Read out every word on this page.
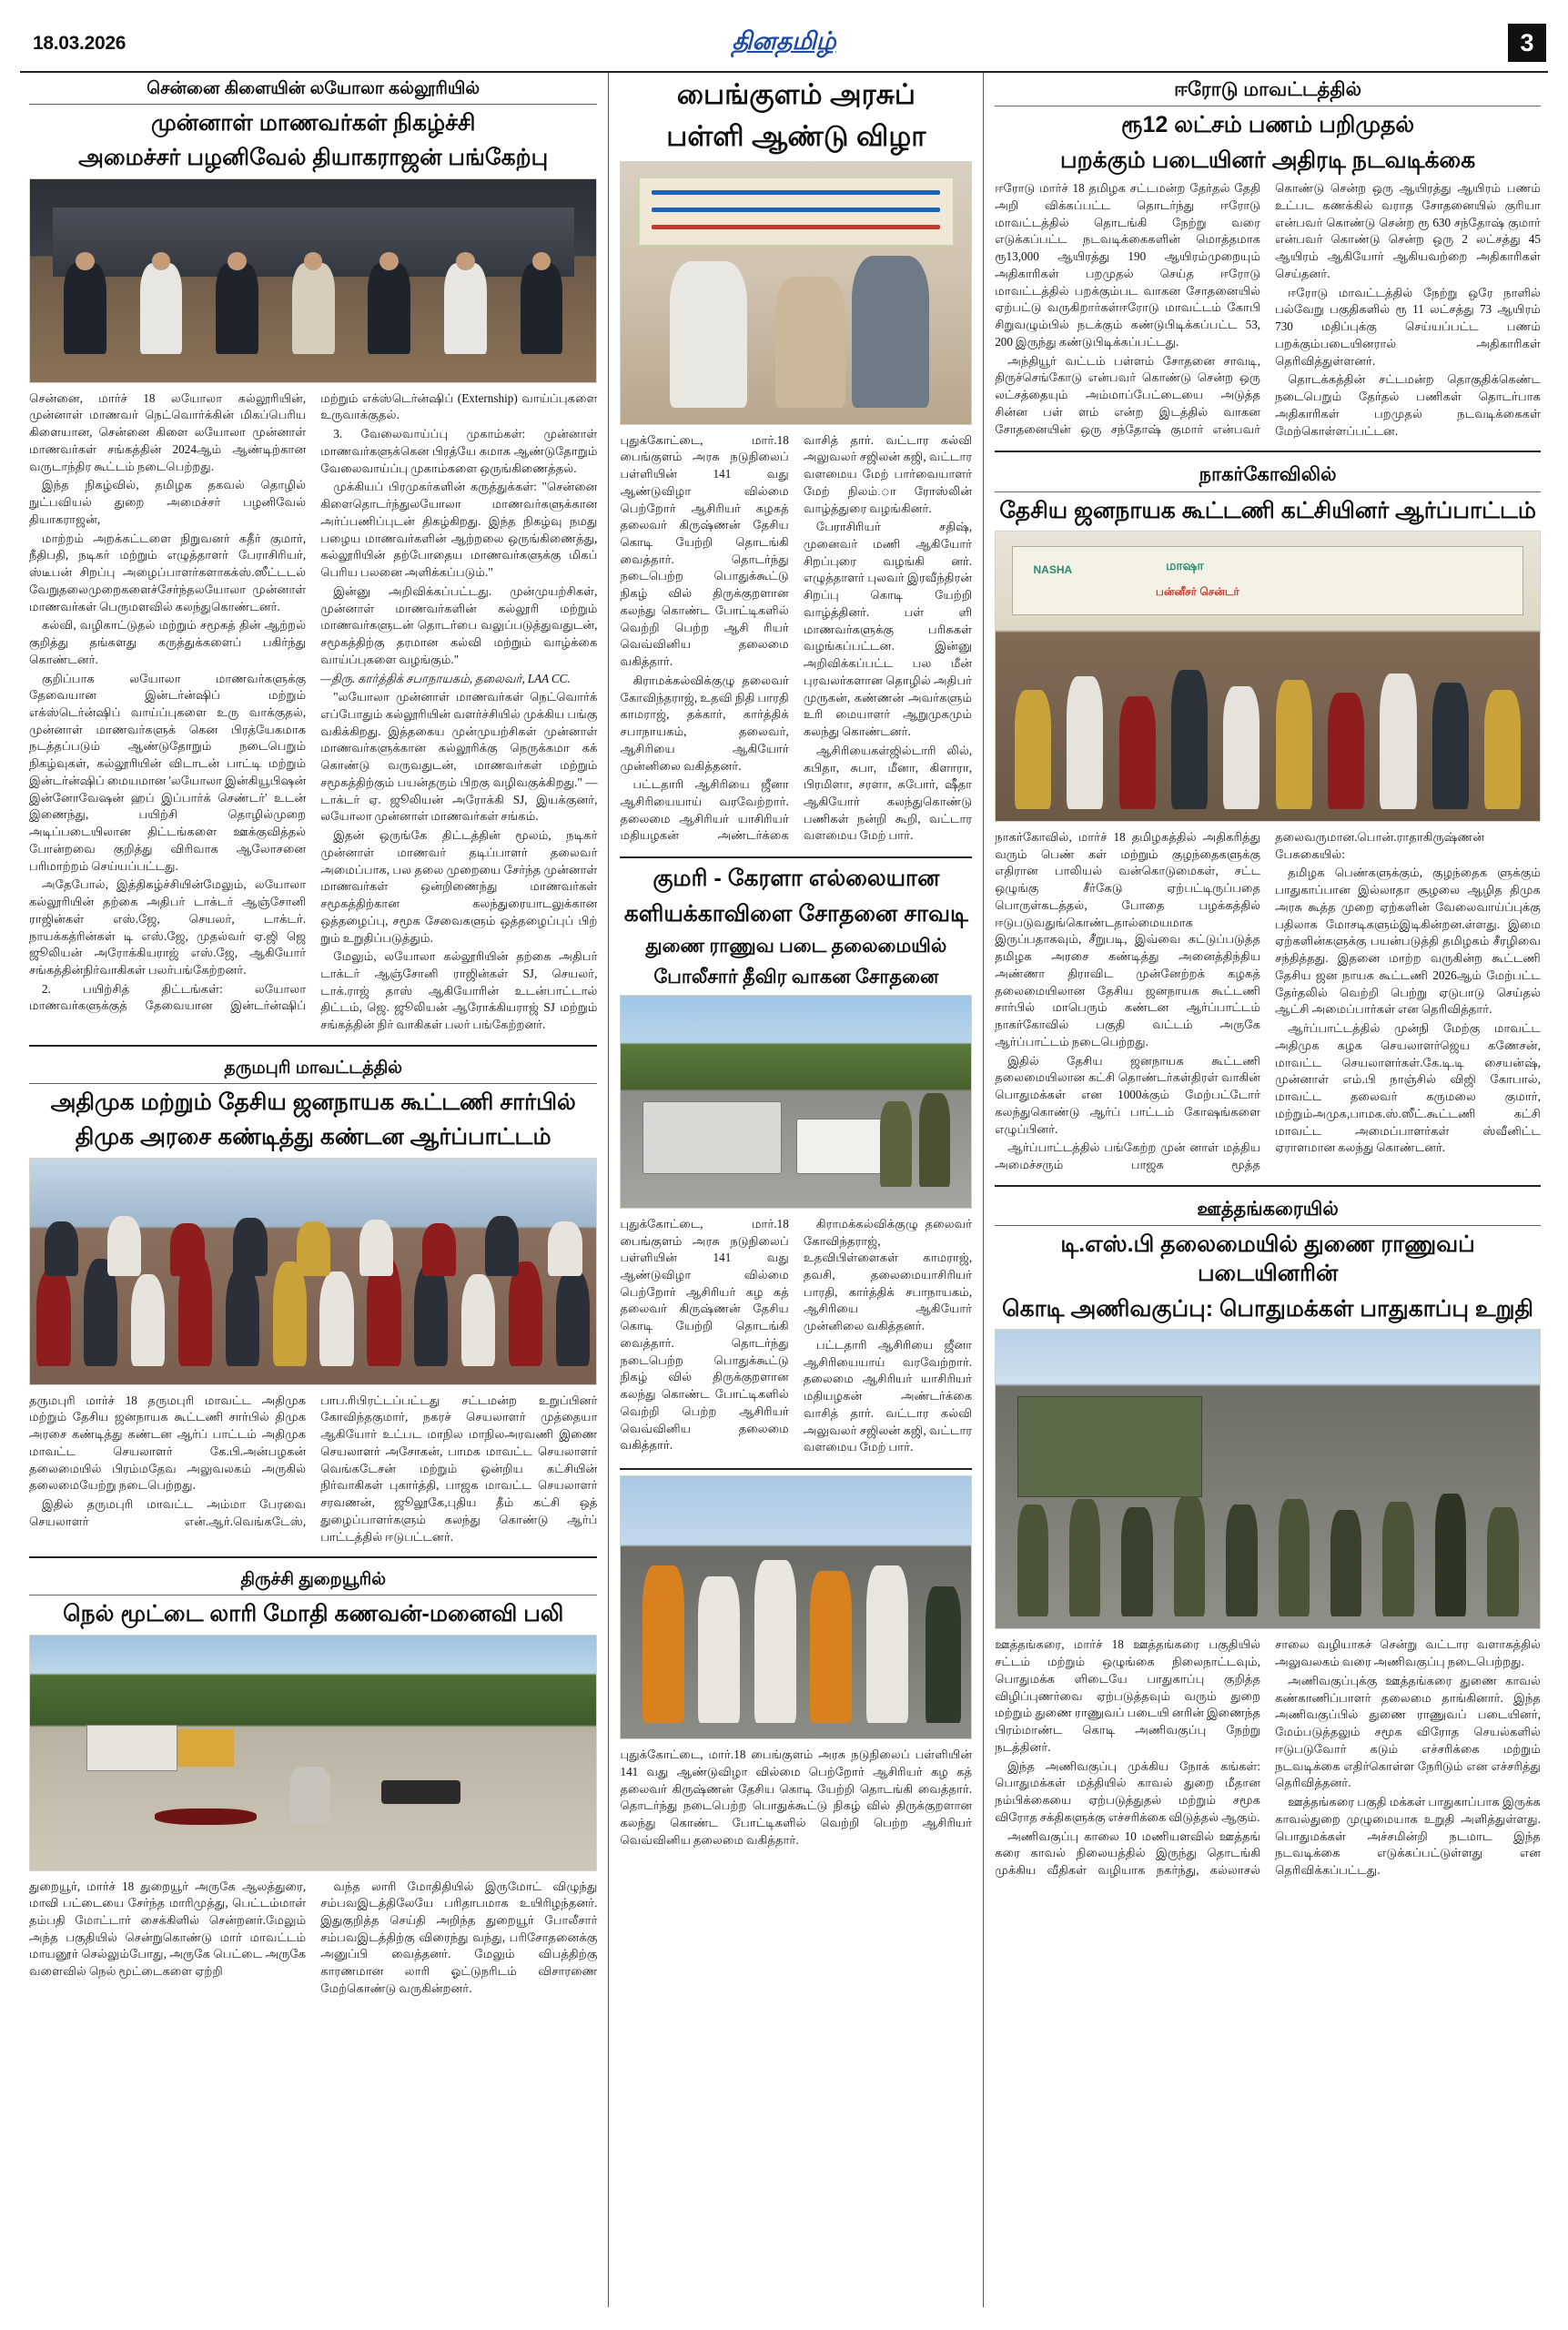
18.03.2026	தினதமிழ்	3
சென்னை கிளையின் லயோலா கல்லூரியில்
முன்னாள் மாணவர்கள் நிகழ்ச்சி
அமைச்சர் பழனிவேல் தியாகராஜன் பங்கேற்பு

சென்னை, மார்ச் 18 லயோலா கல்லூரியின், முன்னாள் மாணவர் நெட்வொர்க்கின் மிகப்பெரிய கிளையான, சென்னை கிளை லயோலா முன்னாள் மாணவர்கள் சங்கத்தின் 2024ஆம் ஆண்டிற்கான வருடாந்திர கூட்டம் நடைபெற்றது.

இந்த நிகழ்வில், தமிழக தகவல் தொழில் நுட்பவியல் துறை அமைச்சர் பழனிவேல் தியாகராஜன்,

மாற்றம் அறக்கட்டளை நிறுவனர் கதீர் குமார், நீதிபதி, நடிகர் மற்றும் எழுத்தாளர் பேராசிரியர், ஸ்டீபன் சிறப்பு அழைப்பாளர்களாகக்ஸ்.ஸீட்டடல் வேறுதலைமுறைகளைச்சேர்ந்தலயோலா முன்னாள் மாணவர்கள் பெருமளவில் கலந்துகொண்டனர்.

கல்வி, வழிகாட்டுதல் மற்றும் சமூகத் தின் ஆற்றல் குறித்து தங்களது கருத்துக்களைப் பகிர்ந்து கொண்டனர்.

குறிப்பாக லயோலா மாணவர்களுக்கு தேவையான இன்டர்ன்ஷிப் மற்றும் எக்ஸ்டெர்ன்ஷிப் வாய்ப்புகளை உரு வாக்குதல், முன்னாள் மாணவர்களுக் கென பிரத்யேகமாக நடத்தப்படும் ஆண்டுதோறும் நடைபெறும் நிகழ்வுகள், கல்லூரியின் விடாடன் பாட்டி மற்றும் இன்டர்ன்ஷிப் மையமான 'லயோலா இன்கியூபிஷன் இன்னோவேஷன் ஹப் இப்பார்க் செண்டர்' உடன் இணைந்து, பயிற்சி தொழில்முறை அடிப்படையிலான திட்டங்களை ஊக்குவித்தல் போன்றவை குறித்து விரிவாக ஆலோசனை பரிமாற்றம் செய்யப்பட்டது.

அதேபோல், இத்திகழ்ச்சியின்மேலும், லயோலா கல்லூரியின் தற்கை அதிபர் டாக்டர் ஆஞ்சோனி ராஜின்கள் எஸ்.ஜே, செயலர், டாக்டர். நாயக்கத்ரின்கள் டி எஸ்.ஜே, முதல்வர் ஏ.ஜி ஜெ ஜூலியன் அரோக்கியராஜ் எஸ்.ஜே, ஆகியோர் சங்கத்தின்நிர்வாகிகள் பலர்பங்கேற்றனர்.

2. பயிற்சித் திட்டங்கள்: லயோலா மாணவர்களுக்குத் தேவையான இன்டர்ன்ஷிப் மற்றும் எக்ஸ்டெர்ன்ஷிப் (Externship) வாய்ப்புகளை உருவாக்குதல்.

3. வேலைவாய்ப்பு முகாம்கள்: முன்னாள் மாணவர்களுக்கென பிரத்யே கமாக ஆண்டுதோறும் வேலைவாய்ப்பு முகாம்களை ஒருங்கிணைத்தல்.

முக்கியப் பிரமுகர்களின் கருத்துக்கள்: "சென்னை கிளைதொடர்ந்துலயோலா மாணவர்களுக்கான அர்ப்பணிப்புடன் திகழ்கிறது. இந்த நிகழ்வு நமது பழைய மாணவர்களின் ஆற்றலை ஒருங்கிணைத்து, கல்லூரியின் தற்போதைய மாணவர்களுக்கு மிகப் பெரிய பலனை அளிக்கப்படும்."

இன்னு அறிவிக்கப்பட்டது. முன்முயற்சிகள், முன்னாள் மாணவர்களின் கல்லூரி மற்றும் மாணவர்களுடன் தொடர்பை வலுப்படுத்துவதுடன், சமூகத்திற்கு தரமான கல்வி மற்றும் வாழ்க்கை வாய்ப்புகளை வழங்கும்."

—திரு. கார்த்திக் சபாநாயகம், தலைவர், LAA CC.

"லயோலா முன்னாள் மாணவர்கள் நெட்வொர்க் எப்போதும் கல்லூரியின் வளர்ச்சியில் முக்கிய பங்கு வகிக்கிறது. இத்தகைய முன்முயற்சிகள் முன்னாள் மாணவர்களுக்கான கல்லூரிக்கு நெருக்கமா கக் கொண்டு வருவதுடன், மாணவர்கள் மற்றும் சமூகத்திற்கும் பயன்தரும் பிறகு வழிவகுக்கிறது." — டாக்டர் ஏ. ஜூலியன் அரோக்கி SJ, இயக்குனர், லயோலா முன்னாள் மாணவர்கள் சங்கம்.

இதன் ஒருங்கே திட்டத்தின் மூலம், நடிகர் முன்னாள் மாணவர் தடிப்பாளர் தலைவர் அமைப்பாக, பல தலை முறையை சேர்ந்த முன்னாள் மாணவர்கள் ஒன்றிணைந்து மாணவர்கள் சமூகத்திற்கான கலந்துரையாடலுக்கான ஒத்தழைப்பு, சமூக சேவைகளும் ஒத்தழைப்புப் பிற் றும் உறுதிப்படுத்தும்.

மேலும், லயோலா கல்லூரியின் தற்கை அதிபர் டாக்டர் ஆஞ்சோனி ராஜின்கள் SJ, செயலர், டாக்.ராஜ் தாஸ் ஆகியோரின் உடன்பாட்டால் திட்டம், ஜெ. ஜூலியன் ஆரோக்கியராஜ் SJ மற்றும் சங்கத்தின் நிர் வாகிகள் பலர் பங்கேற்றனர்.

தருமபுரி மாவட்டத்தில்
அதிமுக மற்றும் தேசிய ஜனநாயக கூட்டணி சார்பில்
திமுக அரசை கண்டித்து கண்டன ஆர்ப்பாட்டம்

தருமபுரி மார்ச் 18 தருமபுரி மாவட்ட அதிமுக மற்றும் தேசிய ஜனநாயக கூட்டணி சார்பில் திமுக அரசை கண்டித்து கண்டன ஆர்ப் பாட்டம் அதிமுக மாவட்ட செயலாளர் கே.பி.அன்பழகன் தலைமையில் பிரம்மதேவ அலுவலகம் அருகில் தலைமையேற்று நடைபெற்றது.

இதில் தருமபுரி மாவட்ட அம்மா பேரவை செயலாளர் என்.ஆர்.வெங்கடேஸ், பாப.ரிபிரட்டப்பட்டது சட்டமன்ற உறுப்பினர் கோவிந்தகுமார், நகரச் செயலாளர் முத்தையா ஆகியோர் உட்பட மாநில மாநிலஅரவணி இணை செயலாளர் அசோகன், பாமக மாவட்ட செயலாளர் வெங்கடேசன் மற்றும் ஒன்றிய கட்சியின் நிர்வாகிகள் புகார்த்தி, பாஜக மாவட்ட செயலாளர் சரவணன், ஜூலூகே,புதிய தீம் கட்சி ஒத் துழைப்பாளர்களும் கலந்து கொண்டு ஆர்ப் பாட்டத்தில் ஈடுபட்டனர்.

திருச்சி துறையூரில்
நெல் மூட்டை லாரி மோதி கணவன்-மனைவி பலி

துறையூர், மார்ச் 18 துறையூர் அருகே ஆலத்துரை, மாவி பட்டையை சேர்ந்த மாரிமுத்து, பெட்டம்மாள் தம்பதி மோட்டார் சைக்கிளில் சென்றனர்.மேலும் அந்த பகுதியில் சென்றுகொண்டு மார் மாவட்டம் மாயனூர் செல்லும்போது, அருகே பெட்டை அருகே வளைவில் நெல் மூட்டைகளை ஏற்றி

வந்த லாரி மோதிதியில் இருமோட் விழுந்து சம்பவஇடத்திலேயே பரிதாபமாக உயிரிழந்தனர். இதுகுறித்த செய்தி அறிந்த துறையூர் போலீசார் சம்பவஇடத்திற்கு விரைந்து வந்து, பரிசோதனைக்கு அனுப்பி வைத்தனர். மேலும் விபத்திற்கு காரணமான லாரி ஓட்டுநரிடம் விசாரணை மேற்கொண்டு வருகின்றனர்.

பைங்குளம் அரசுப்
பள்ளி ஆண்டு விழா

புதுக்கோட்டை, மார்.18 பைங்குளம் அரசு நடுநிலைப் பள்ளியின் 141 வது ஆண்டுவிழா வில்மை பெற்றோர் ஆசிரியர் கழகத் தலைவர் கிருஷ்ணன் தேசிய கொடி யேற்றி தொடங்கி வைத்தார். தொடர்ந்து நடைபெற்ற பொதுக்கூட்டு நிகழ் வில் திருக்குறளான கலந்து கொண்ட போட்டிகளில் வெற்றி பெற்ற ஆசி ரியர் வெவ்வினிய தலைமை வகித்தார்.

கிராமக்கல்விக்குழு தலைவர் கோவிந்தராஜ், உதவி நிதி பாரதி காமராஜ், தக்கார், கார்த்திக் சபாநாயகம், தலைவர், ஆசிரியை ஆகியோர் முன்னிலை வகித்தனர்.

பட்டதாரி ஆசிரியை ஜீனா ஆசிரியையாய் வரவேற்றார். தலைமை ஆசிரியர் யாசிரியர் மதியழகன் அண்டர்க்கை வாசித் தார். வட்டார கல்வி அலுவலர் சஜிலன் கஜி, வட்டார வளமைய மேற் பார்வையாளர் மேற் நிலம்.ா ரோஸ்லின் வாழ்த்துரை வழங்கினர்.

பேராசிரியர் சதிஷ், முனைவர் மணி ஆகியோர் சிறப்புரை வழங்கி னர். எழுத்தாளர் புலவர் இரவீந்திரன் சிறப்பு கொடி யேற்றி வாழ்த்தினர். பள் ளி மாணவர்களுக்கு பரிசுகள் வழங்கப்பட்டன. இன்னு அறிவிக்கப்பட்ட பல மீன் புரவலர்களான தொழில் அதிபர் முருகன், கண்ணன் அவர்களும் உரி மையாளர் ஆறுமுகமும் கலந்து கொண்டனர்.

ஆசிரியைகள்ஜில்டாரி லில், கபிதா, சுபா, மீனா, கிளாரா, பிரமிளா, சரளா, சுபோர், ஷீதா ஆகியோர் கலந்துகொண்டு பணிகள் நன்றி கூறி, வட்டார வளமைய மேற் பார்.

குமரி - கேரளா எல்லையான
களியக்காவிளை சோதனை சாவடி
துணை ராணுவ படை தலைமையில்
போலீசார் தீவிர வாகன சோதனை

புதுக்கோட்டை, மார்.18 பைங்குளம் அரசு நடுநிலைப் பள்ளியின் 141 வது ஆண்டுவிழா வில்மை பெற்றோர் ஆசிரியர் கழ கத் தலைவர் கிருஷ்ணன் தேசிய கொடி யேற்றி தொடங்கி வைத்தார். தொடர்ந்து நடைபெற்ற பொதுக்கூட்டு நிகழ் வில் திருக்குறளான கலந்து கொண்ட போட்டிகளில் வெற்றி பெற்ற ஆசிரியர் வெவ்வினிய தலைமை வகித்தார்.

கிராமக்கல்விக்குழு தலைவர் கோவிந்தராஜ், உதவிபிள்ளைகள் காமராஜ், தவசி, தலைமையாசிரியர் பாரதி, கார்த்திக் சபாநாயகம், ஆசிரியை ஆகியோர் முன்னிலை வகித்தனர்.

பட்டதாரி ஆசிரியை ஜீனா ஆசிரியையாய் வரவேற்றார். தலைமை ஆசிரியர் யாசிரியர் மதியழகன் அண்டர்க்கை வாசித் தார். வட்டார கல்வி அலுவலர் சஜிலன் கஜி, வட்டார வளமைய மேற் பார்.

புதுக்கோட்டை, மார்.18 பைங்குளம் அரசு நடுநிலைப் பள்ளியின் 141 வது ஆண்டுவிழா வில்மை பெற்றோர் ஆசிரியர் கழ கத் தலைவர் கிருஷ்ணன் தேசிய கொடி யேற்றி தொடங்கி வைத்தார். தொடர்ந்து நடைபெற்ற பொதுக்கூட்டு நிகழ் வில் திருக்குறளான கலந்து கொண்ட போட்டிகளில் வெற்றி பெற்ற ஆசிரியர் வெவ்வினிய தலைமை வகித்தார்.

ஈரோடு மாவட்டத்தில்
ரூ12 லட்சம் பணம் பறிமுதல்
பறக்கும் படையினர் அதிரடி நடவடிக்கை

ஈரோடு மார்ச் 18 தமிழக சட்டமன்ற தேர்தல் தேதி அறி விக்கப்பட்ட தொடர்ந்து ஈரோடு மாவட்டத்தில் தொடங்கி நேற்று வரை எடுக்கப்பட்ட நடவடிக்கைகளின் மொத்தமாக ரூ13,000 ஆயிரத்து 190 ஆயிரம்முறையும் அதிகாரிகள் பறமுதல் செய்த ஈரோடு மாவட்டத்தில் பறக்கும்பட வாகன சோதனையில் ஏற்பட்டு வருகிறார்கள்ஈரோடு மாவட்டம் கோபி சிறுவழும்பில் நடக்கும் கண்டுபிடிக்கப்பட்ட 53, 200 இருந்து கண்டுபிடிக்கப்பட்டது.

அந்தியூர் வட்டம் பள்ளம் சோதனை சாவடி, திருச்செங்கோடு என்பவர் கொண்டு சென்ற ஒரு லட்சத்தையும் அம்மாப்பேட்டையை அடுத்த சின்ன பள் ளம் என்ற இடத்தில் வாகன சோதனையின் ஒரு சந்தோஷ் குமார் என்பவர் கொண்டு சென்ற ஒரு ஆயிரத்து ஆயிரம் பணம் உட்பட கணக்கில் வராத சோதனையில் குரியா என்பவர் கொண்டு சென்ற ரூ 630 சந்தோஷ் குமார் என்பவர் கொண்டு சென்ற ஒரு 2 லட்சத்து 45 ஆயிரம் ஆகியோர் ஆகியவற்றை அதிகாரிகள் செய்தனர்.

ஈரோடு மாவட்டத்தில் நேற்று ஒரே நாளில் பல்வேறு பகுதிகளில் ரூ 11 லட்சத்து 73 ஆயிரம் 730 மதிப்புக்கு செய்யப்பட்ட பணம் பறக்கும்படையினரால் அதிகாரிகள் தெரிவித்துள்ளனர்.

தொடக்கத்தின் சட்டமன்ற தொகுதிக்கெண்ட நடைபெறும் தேர்தல் பணிகள் தொடர்பாக அதிகாரிகள் பறமுதல் நடவடிக்கைகள் மேற்கொள்ளப்பட்டன.

நாகர்கோவிலில்
தேசிய ஜனநாயக கூட்டணி கட்சியினர் ஆர்ப்பாட்டம்
NASHA	மாஷா
பன்னீசர் சென்டர்

நாகர்கோவில், மார்ச் 18 தமிழகத்தில் அதிகரித்து வரும் பெண் கள் மற்றும் குழந்தைகளுக்கு எதிரான பாலியல் வன்கொடுமைகள், சட்ட ஒழுங்கு சீர்கேடு ஏற்பட்டிருப்பதை பொருள்கடத்தல், போதை பழக்கத்தில் ஈடுபடுவதுங்கொண்டதால்மையமாக இருப்பதாகவும், சீறுபடி, இவ்வை கட்டுப்படுத்த தமிழக அரசை கண்டித்து அனைத்திந்திய அண்ணா திராவிட முன்னேற்றக் கழகத் தலைமையிலான தேசிய ஜனநாயக கூட்டணி சார்பில் மாபெரும் கண்டன ஆர்ப்பாட்டம் நாகர்கோவில் பகுதி வட்டம் அருகே ஆர்ப்பாட்டம் நடைபெற்றது.

இதில் தேசிய ஜனநாயக கூட்டணி தலைமையிலான கட்சி தொண்டர்கள்திரள் வாகின் பொதுமக்கள் என 1000க்கும் மேற்பட்டோர் கலந்துகொண்டு ஆர்ப் பாட்டம் கோஷங்களை எழுப்பினர்.

ஆர்ப்பாட்டத்தில் பங்கேற்ற முன் னாள் மத்திய அமைச்சரும் பாஜக மூத்த தலைவருமான.பொன்.ராதாகிருஷ்ணன் பேசுகையில்:

தமிழக பெண்களுக்கும், குழந்தைக ளுக்கும் பாதுகாப்பான இல்லாதா சூழலை ஆழித திமுக அரசு கூத்த முறை ஏற்களின் வேலைவாய்ப்புக்கு பதிலாக மோசடிகளும்இடிகின்றன.ள்ளது. இமை ஏற்களின்களுக்கு பயன்படுத்தி தமிழகம் சீரழிவை சந்தித்தது. இதனை மாற்ற வருகின்ற கூட்டணி தேசிய ஜன நாயக கூட்டணி 2026ஆம் மேற்பட்ட தேர்தலில் வெற்றி பெற்று ஏடுபாடு செய்தல் ஆட்சி அமைப்பார்கள் என தெரிவித்தார்.

ஆர்ப்பாட்டத்தில் முன்நி மேற்கு மாவட்ட அதிமுக கழக செயலாளர்ஜெய கணேசன், மாவட்ட செயலாளர்கள்.கே.டி.டி சையன்ஷ், முன்னாள் எம்.பி நாஞ்சில் விஜி கோபால், மாவட்ட தலைவர் கருமலை குமார், மற்றும்அமுக,பாமக.ஸ்.ஸீட்.கூட்டணி கட்சி மாவட்ட அமைப்பாளர்கள் ஸ்வீனிட்ட ஏராளமான கலந்து கொண்டனர்.

ஊத்தங்கரையில்
டி.எஸ்.பி தலைமையில் துணை ராணுவப் படையினரின்
கொடி அணிவகுப்பு: பொதுமக்கள் பாதுகாப்பு உறுதி

ஊத்தங்கரை, மார்ச் 18 ஊத்தங்கரை பகுதியில் சட்டம் மற்றும் ஒழுங்கை நிலைநாட்டவும், பொதுமக்க ளிடையே பாதுகாப்பு குறித்த விழிப்புணர்வை ஏற்படுத்தவும் வரும் துறை மற்றும் துணை ராணுவப் படையி னரின் இணைந்த பிரம்மாண்ட கொடி அணிவகுப்பு நேற்று நடத்தினர்.

இந்த அணிவகுப்பு முக்கிய நோக் கங்கள்: பொதுமக்கள் மத்தியில் காவல் துறை மீதான நம்பிக்கையை ஏற்படுத்துதல் மற்றும் சமூக விரோத சக்திகளுக்கு எச்சரிக்கை விடுத்தல் ஆகும்.

அணிவகுப்பு காலை 10 மணியளவில் ஊத்தங் கரை காவல் நிலையத்தில் இருந்து தொடங்கி முக்கிய வீதிகள் வழியாக நகர்ந்து, கல்லாசல் சாலை வழியாகச் சென்று வட்டார வளாகத்தில் அலுவலகம் வரை அணிவகுப்பு நடைபெற்றது.

அணிவகுப்புக்கு ஊத்தங்கரை துணை காவல் கண்காணிப்பாளர் தலைமை தாங்கினார். இந்த அணிவகுப்பில் துணை ராணுவப் படையினர், மேம்படுத்தலும் சமூக விரோத செயல்களில் ஈடுபடுவோர் கடும் எச்சரிக்கை மற்றும் நடவடிக்கை எதிர்கொள்ள நேரிடும் என எச்சரித்து தெரிவித்தனர்.

ஊத்தங்கரை பகுதி மக்கள் பாதுகாப்பாக இருக்க காவல்துறை முழுமையாக உறுதி அளித்துள்ளது. பொதுமக்கள் அச்சமின்றி நடமாட இந்த நடவடிக்கை எடுக்கப்பட்டுள்ளது என தெரிவிக்கப்பட்டது.
